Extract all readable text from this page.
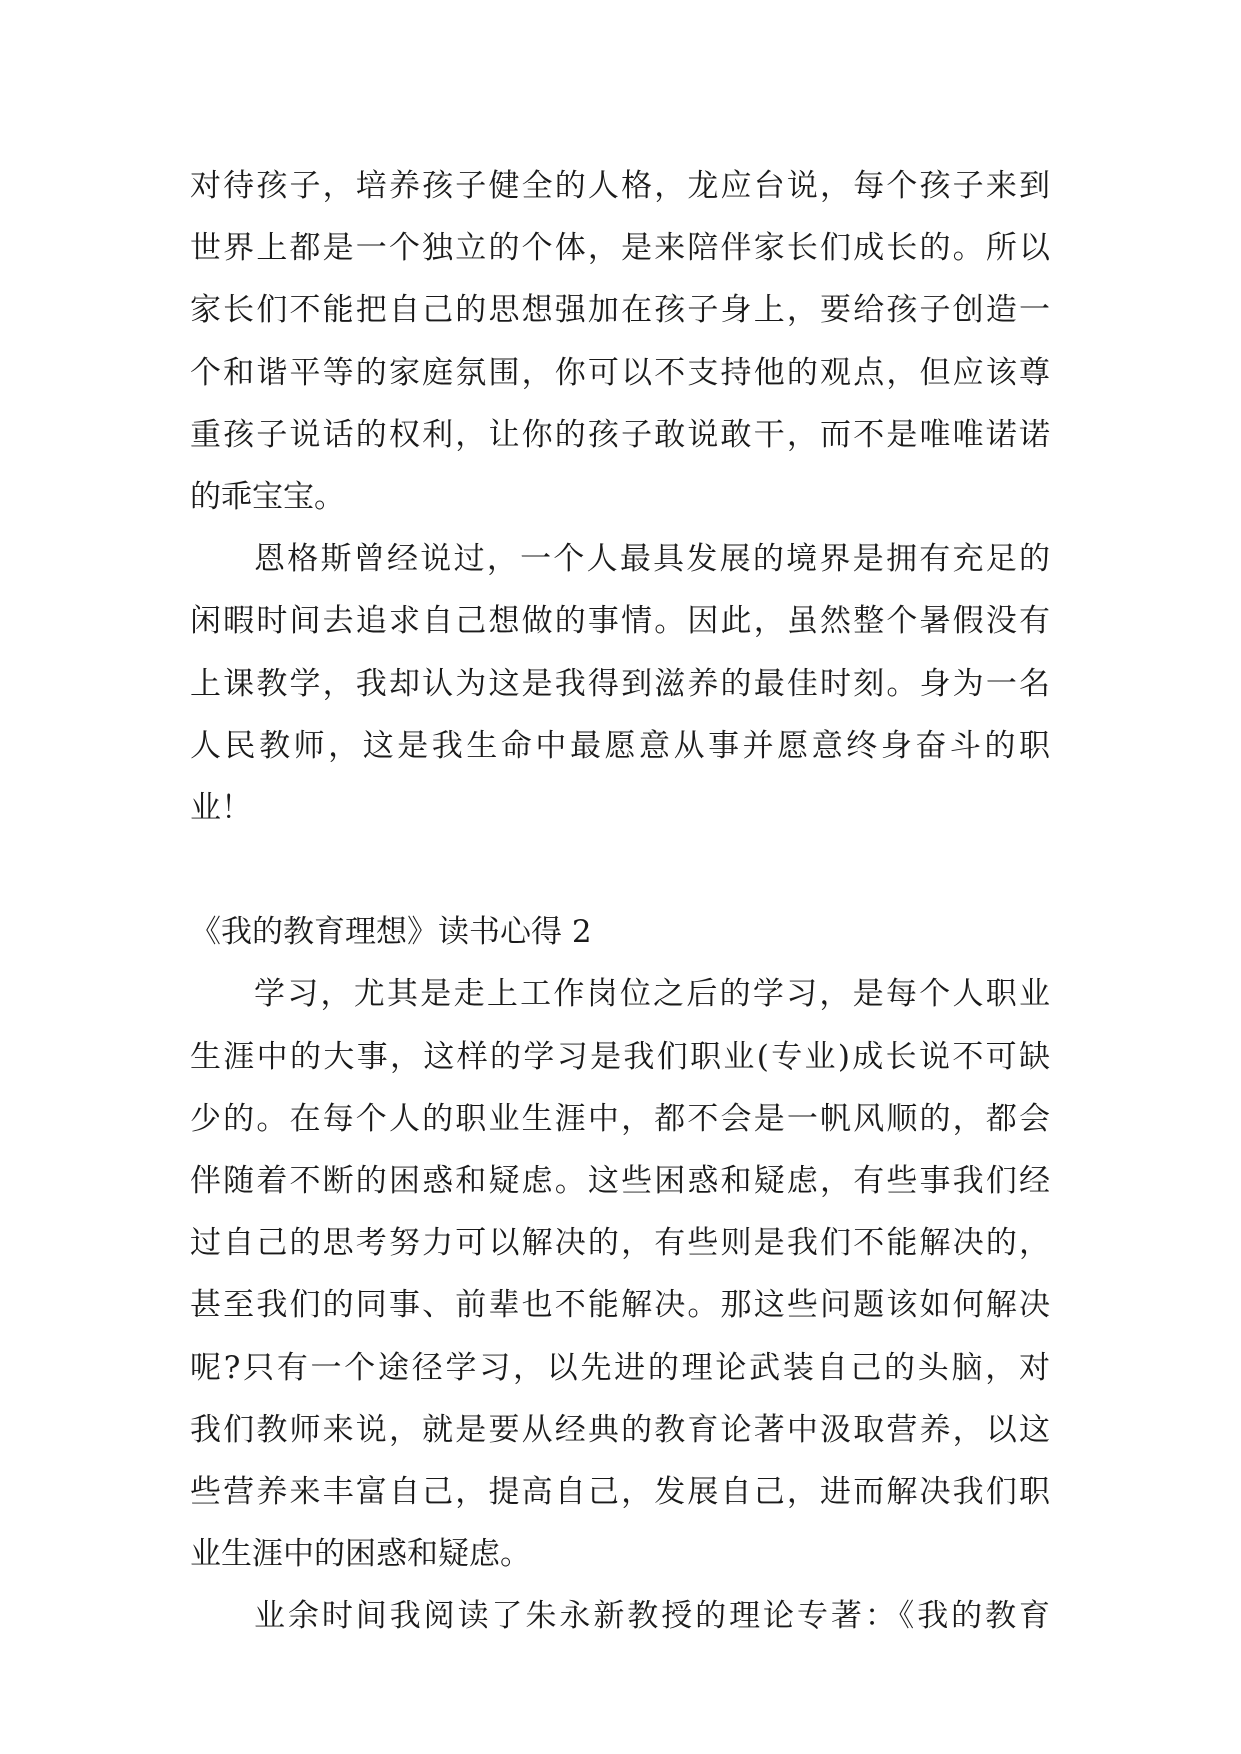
对待孩子，培养孩子健全的人格，龙应台说，每个孩子来到
世界上都是一个独立的个体，是来陪伴家长们成长的。所以
家长们不能把自己的思想强加在孩子身上，要给孩子创造一
个和谐平等的家庭氛围，你可以不支持他的观点，但应该尊
重孩子说话的权利，让你的孩子敢说敢干，而不是唯唯诺诺
的乖宝宝。
恩格斯曾经说过，一个人最具发展的境界是拥有充足的
闲暇时间去追求自己想做的事情。因此，虽然整个暑假没有
上课教学，我却认为这是我得到滋养的最佳时刻。身为一名
人民教师，这是我生命中最愿意从事并愿意终身奋斗的职
业！
《我的教育理想》读书心得 2
学习，尤其是走上工作岗位之后的学习，是每个人职业
生涯中的大事，这样的学习是我们职业(专业)成长说不可缺
少的。在每个人的职业生涯中，都不会是一帆风顺的，都会
伴随着不断的困惑和疑虑。这些困惑和疑虑，有些事我们经
过自己的思考努力可以解决的，有些则是我们不能解决的，
甚至我们的同事、前辈也不能解决。那这些问题该如何解决
呢?只有一个途径学习，以先进的理论武装自己的头脑，对
我们教师来说，就是要从经典的教育论著中汲取营养，以这
些营养来丰富自己，提高自己，发展自己，进而解决我们职
业生涯中的困惑和疑虑。
业余时间我阅读了朱永新教授的理论专著：《我的教育
